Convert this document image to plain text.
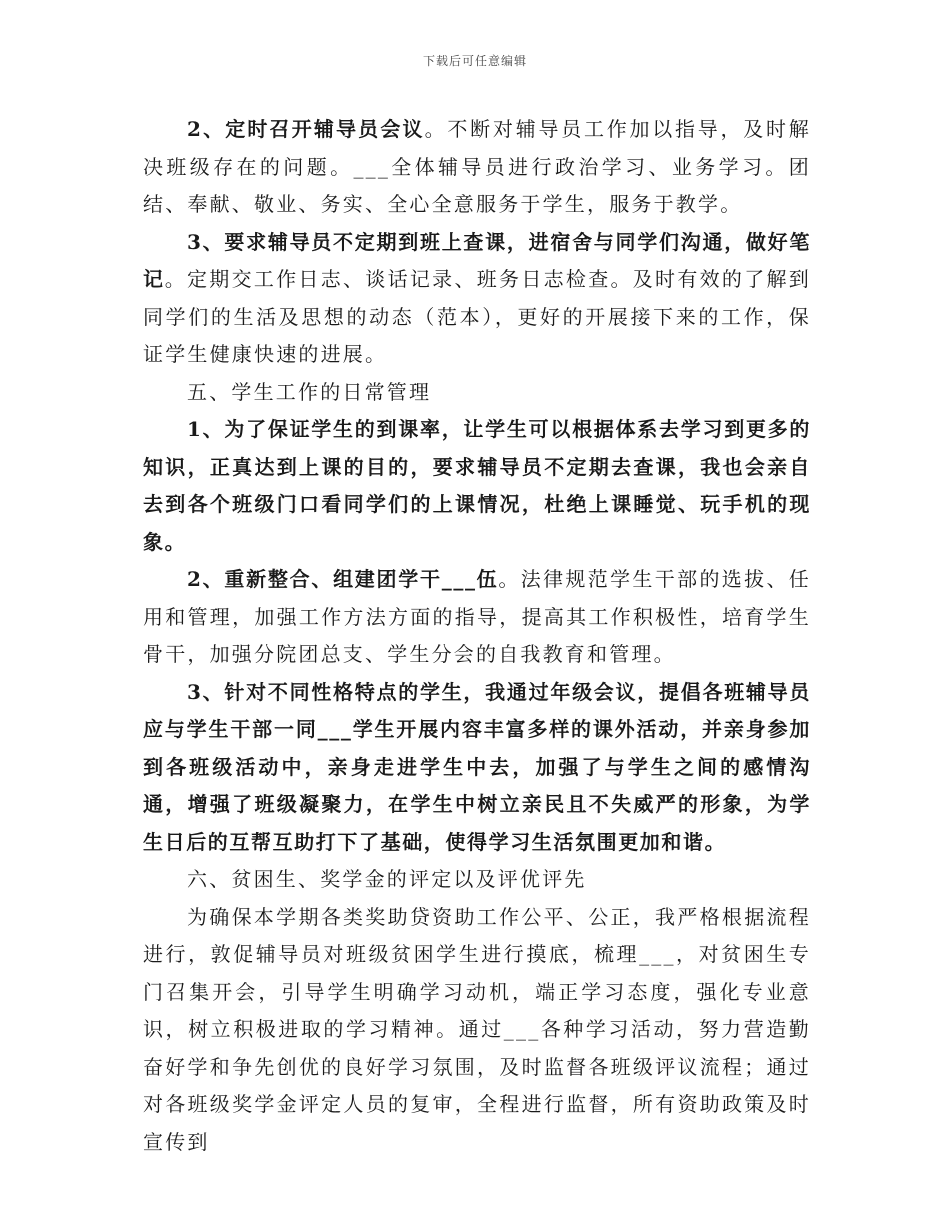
下载后可任意编辑

2、定时召开辅导员会议。不断对辅导员工作加以指导，及时解决班级存在的问题。___全体辅导员进行政治学习、业务学习。团结、奉献、敬业、务实、全心全意服务于学生，服务于教学。

3、要求辅导员不定期到班上查课，进宿舍与同学们沟通，做好笔记。定期交工作日志、谈话记录、班务日志检查。及时有效的了解到同学们的生活及思想的动态（范本），更好的开展接下来的工作，保证学生健康快速的进展。

五、学生工作的日常管理

1、为了保证学生的到课率，让学生可以根据体系去学习到更多的知识，正真达到上课的目的，要求辅导员不定期去查课，我也会亲自去到各个班级门口看同学们的上课情况，杜绝上课睡觉、玩手机的现象。

2、重新整合、组建团学干___伍。法律规范学生干部的选拔、任用和管理，加强工作方法方面的指导，提高其工作积极性，培育学生骨干，加强分院团总支、学生分会的自我教育和管理。

3、针对不同性格特点的学生，我通过年级会议，提倡各班辅导员应与学生干部一同___学生开展内容丰富多样的课外活动，并亲身参加到各班级活动中，亲身走进学生中去，加强了与学生之间的感情沟通，增强了班级凝聚力，在学生中树立亲民且不失威严的形象，为学生日后的互帮互助打下了基础，使得学习生活氛围更加和谐。

六、贫困生、奖学金的评定以及评优评先

为确保本学期各类奖助贷资助工作公平、公正，我严格根据流程进行，敦促辅导员对班级贫困学生进行摸底，梳理___，对贫困生专门召集开会，引导学生明确学习动机，端正学习态度，强化专业意识，树立积极进取的学习精神。通过___各种学习活动，努力营造勤奋好学和争先创优的良好学习氛围，及时监督各班级评议流程；通过对各班级奖学金评定人员的复审，全程进行监督，所有资助政策及时宣传到
